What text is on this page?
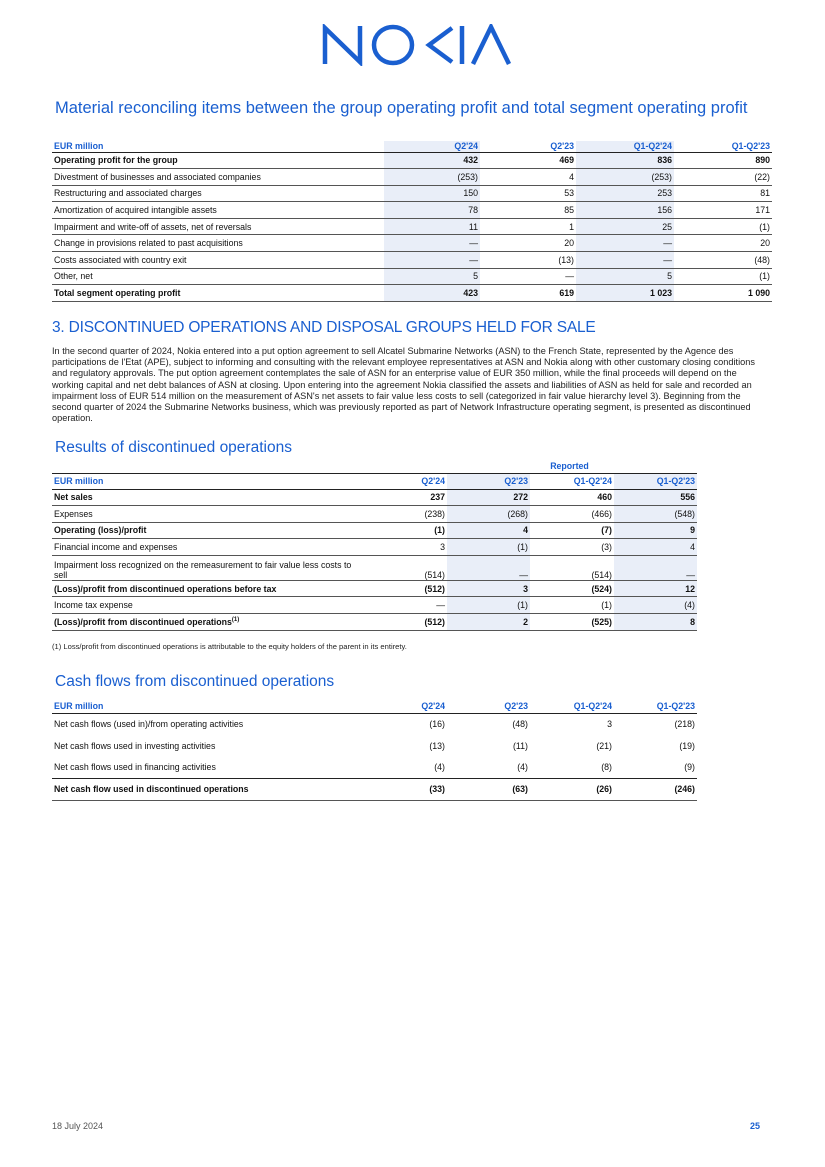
Material reconciling items between the group operating profit and total segment operating profit
EUR million	Q2'24	Q2'23	Q1-Q2'24	Q1-Q2'23
Operating profit for the group	432	469	836	890
Divestment of businesses and associated companies	(253)	4	(253)	(22)
Restructuring and associated charges	150	53	253	81
Amortization of acquired intangible assets	78	85	156	171
Impairment and write-off of assets, net of reversals	11	1	25	(1)
Change in provisions related to past acquisitions	—	20	—	20
Costs associated with country exit	—	(13)	—	(48)
Other, net	5	—	5	(1)
Total segment operating profit	423	619	1 023	1 090
3. DISCONTINUED OPERATIONS AND DISPOSAL GROUPS HELD FOR SALE

In the second quarter of 2024, Nokia entered into a put option agreement to sell Alcatel Submarine Networks (ASN) to the French State, represented by the Agence des participations de l'Etat (APE), subject to informing and consulting with the relevant employee representatives at ASN and Nokia along with other customary closing conditions and regulatory approvals. The put option agreement contemplates the sale of ASN for an enterprise value of EUR 350 million, while the final proceeds will depend on the working capital and net debt balances of ASN at closing. Upon entering into the agreement Nokia classified the assets and liabilities of ASN as held for sale and recorded an impairment loss of EUR 514 million on the measurement of ASN's net assets to fair value less costs to sell (categorized in fair value hierarchy level 3). Beginning from the second quarter of 2024 the Submarine Networks business, which was previously reported as part of Network Infrastructure operating segment, is presented as discontinued operation.

Results of discontinued operations
	Reported			
EUR million	Q2'24	Q2'23	Q1-Q2'24	Q1-Q2'23
Net sales	237	272	460	556
Expenses	(238)	(268)	(466)	(548)
Operating (loss)/profit	(1)	4	(7)	9
Financial income and expenses	3	(1)	(3)	4
Impairment loss recognized on the remeasurement to fair value less costs to sell	(514)	—	(514)	—
(Loss)/profit from discontinued operations before tax	(512)	3	(524)	12
Income tax expense	—	(1)	(1)	(4)
(Loss)/profit from discontinued operations$^{(1)}$	(512)	2	(525)	8
(1) Loss/profit from discontinued operations is attributable to the equity holders of the parent in its entirety.
Cash flows from discontinued operations
EUR million	Q2'24	Q2'23	Q1-Q2'24	Q1-Q2'23
Net cash flows (used in)/from operating activities	(16)	(48)	3	(218)
Net cash flows used in investing activities	(13)	(11)	(21)	(19)
Net cash flows used in financing activities	(4)	(4)	(8)	(9)
Net cash flow used in discontinued operations	(33)	(63)	(26)	(246)
18 July 2024	25
